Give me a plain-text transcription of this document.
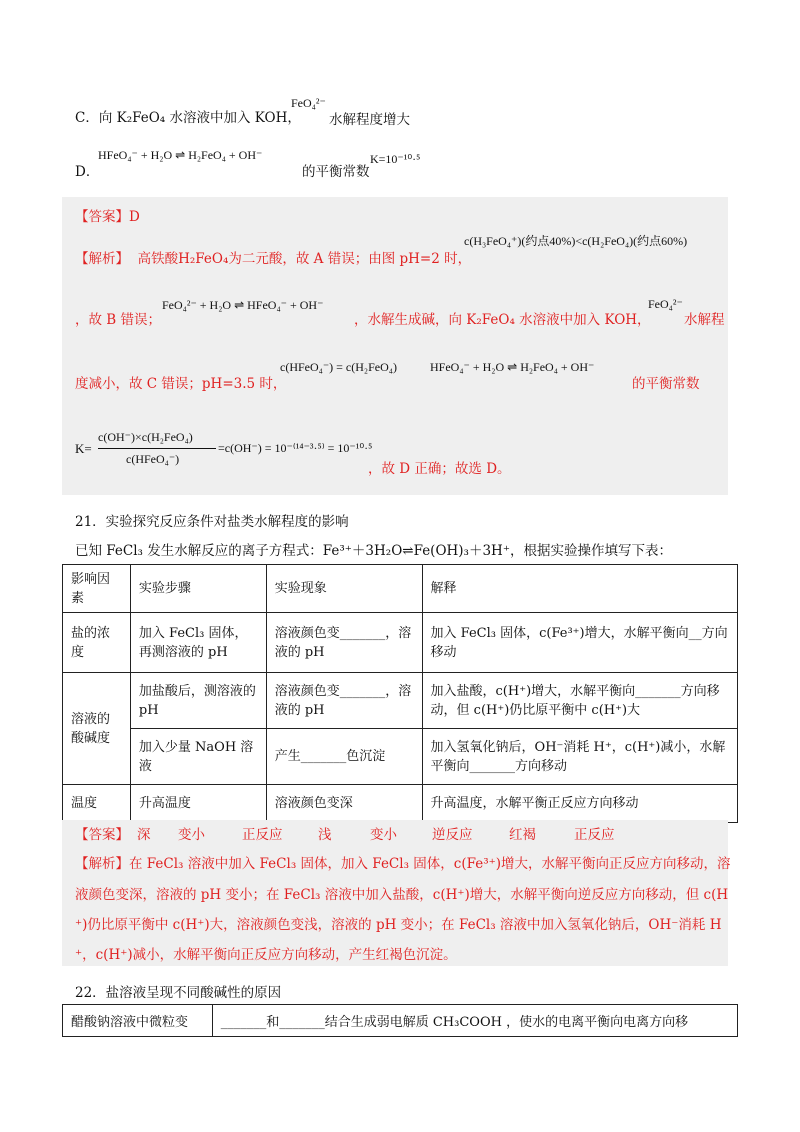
C．向 K₂FeO₄ 水溶液中加入 KOH，
FeO₄²⁻
水解程度增大
D．
HFeO₄⁻ + H₂O ⇌ H₂FeO₄ + OH⁻
的平衡常数
K=10⁻¹⁰·⁵
【答案】D
【解析】 高铁酸H₂FeO₄为二元酸，故 A 错误；由图 pH=2 时，
c(H₃FeO₄⁺)(约点40%)<c(H₂FeO₄)(约点60%)
，故 B 错误；
FeO₄²⁻ + H₂O ⇌ HFeO₄⁻ + OH⁻
，水解生成碱，向 K₂FeO₄ 水溶液中加入 KOH，
FeO₄²⁻
水解程
度减小，故 C 错误；pH=3.5 时，
c(HFeO₄⁻) = c(H₂FeO₄)	HFeO₄⁻ + H₂O ⇌ H₂FeO₄ + OH⁻
的平衡常数
K=
c(OH⁻)×c(H₂FeO₄)
c(HFeO₄⁻)
=c(OH⁻) = 10⁻⁽¹⁴⁻³·⁵⁾ = 10⁻¹⁰·⁵
，故 D 正确；故选 D。
21．实验探究反应条件对盐类水解程度的影响
已知 FeCl₃ 发生水解反应的离子方程式：Fe³⁺＋3H₂O⇌Fe(OH)₃＋3H⁺，根据实验操作填写下表：
影响因素	实验步骤	实验现象	解释
盐的浓度	加入 FeCl₃ 固体，再测溶液的 pH	溶液颜色变_______，溶液的 pH	加入 FeCl₃ 固体，c(Fe³⁺)增大，水解平衡向__方向移动
溶液的酸碱度	加盐酸后，测溶液的 pH	溶液颜色变_______，溶液的 pH	加入盐酸，c(H⁺)增大，水解平衡向_______方向移动，但 c(H⁺)仍比原平衡中 c(H⁺)大
	加入少量 NaOH 溶液	产生_______色沉淀	加入氢氧化钠后，OH⁻消耗 H⁺，c(H⁺)减小，水解平衡向_______方向移动
温度	升高温度	溶液颜色变深	升高温度，水解平衡正反应方向移动
【答案】 深 变小	正反应	浅	变小	逆反应	红褐	正反应
【解析】在 FeCl₃ 溶液中加入 FeCl₃ 固体，加入 FeCl₃ 固体，c(Fe³⁺)增大，水解平衡向正反应方向移动，溶
液颜色变深，溶液的 pH 变小；在 FeCl₃ 溶液中加入盐酸，c(H⁺)增大，水解平衡向逆反应方向移动，但 c(H
⁺)仍比原平衡中 c(H⁺)大，溶液颜色变浅，溶液的 pH 变小；在 FeCl₃ 溶液中加入氢氧化钠后，OH⁻消耗 H
⁺，c(H⁺)减小，水解平衡向正反应方向移动，产生红褐色沉淀。
22．盐溶液呈现不同酸碱性的原因
醋酸钠溶液中微粒变	_______和_______结合生成弱电解质 CH₃COOH ，使水的电离平衡向电离方向移
